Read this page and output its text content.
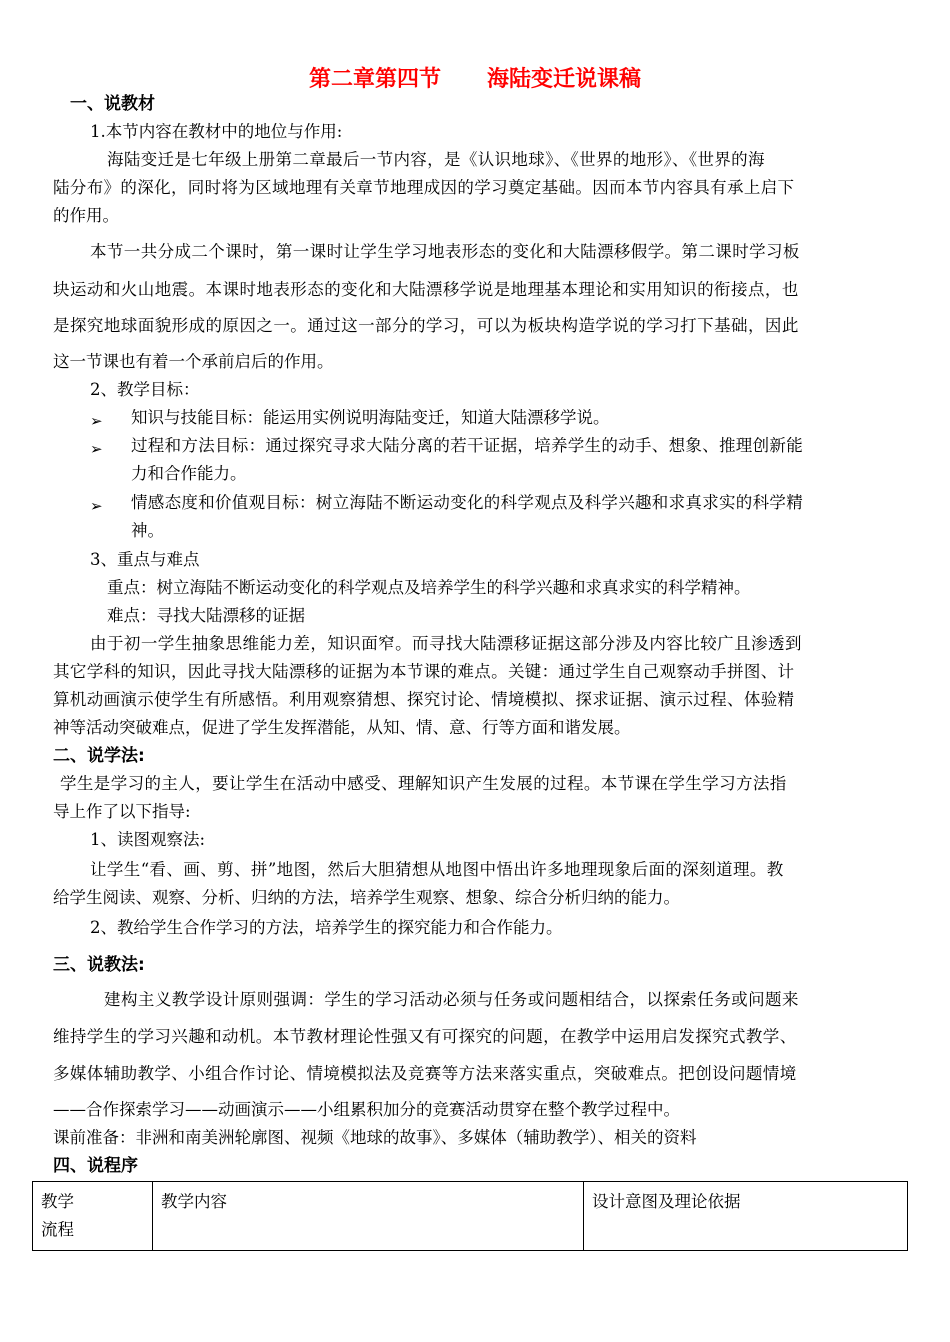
第二章第四节      海陆变迁说课稿
一、说教材
1.本节内容在教材中的地位与作用:
海陆变迁是七年级上册第二章最后一节内容，是《认识地球》、《世界的地形》、《世界的海
陆分布》的深化，同时将为区域地理有关章节地理成因的学习奠定基础。因而本节内容具有承上启下
的作用。
本节一共分成二个课时，第一课时让学生学习地表形态的变化和大陆漂移假学。第二课时学习板
块运动和火山地震。本课时地表形态的变化和大陆漂移学说是地理基本理论和实用知识的衔接点，也
是探究地球面貌形成的原因之一。通过这一部分的学习，可以为板块构造学说的学习打下基础，因此
这一节课也有着一个承前启后的作用。
2、教学目标：
➢ 知识与技能目标：能运用实例说明海陆变迁，知道大陆漂移学说。
➢ 过程和方法目标：通过探究寻求大陆分离的若干证据，培养学生的动手、想象、推理创新能
力和合作能力。
➢ 情感态度和价值观目标：树立海陆不断运动变化的科学观点及科学兴趣和求真求实的科学精
神。
3、重点与难点
重点：树立海陆不断运动变化的科学观点及培养学生的科学兴趣和求真求实的科学精神。
难点：寻找大陆漂移的证据
由于初一学生抽象思维能力差，知识面窄。而寻找大陆漂移证据这部分涉及内容比较广且渗透到
其它学科的知识，因此寻找大陆漂移的证据为本节课的难点。关键：通过学生自己观察动手拼图、计
算机动画演示使学生有所感悟。利用观察猜想、探究讨论、情境模拟、探求证据、演示过程、体验精
神等活动突破难点，促进了学生发挥潜能，从知、情、意、行等方面和谐发展。
二、说学法:
学生是学习的主人，要让学生在活动中感受、理解知识产生发展的过程。本节课在学生学习方法指
导上作了以下指导:
1、读图观察法:
让学生“看、画、剪、拼”地图，然后大胆猜想从地图中悟出许多地理现象后面的深刻道理。教
给学生阅读、观察、分析、归纳的方法，培养学生观察、想象、综合分析归纳的能力。
2、教给学生合作学习的方法，培养学生的探究能力和合作能力。
三、说教法:
建构主义教学设计原则强调：学生的学习活动必须与任务或问题相结合，以探索任务或问题来
维持学生的学习兴趣和动机。本节教材理论性强又有可探究的问题，在教学中运用启发探究式教学、
多媒体辅助教学、小组合作讨论、情境模拟法及竞赛等方法来落实重点，突破难点。把创设问题情境
——合作探索学习——动画演示——小组累积加分的竞赛活动贯穿在整个教学过程中。
课前准备：非洲和南美洲轮廓图、视频《地球的故事》、多媒体（辅助教学）、相关的资料
四、说程序
教学
流程	教学内容	设计意图及理论依据
